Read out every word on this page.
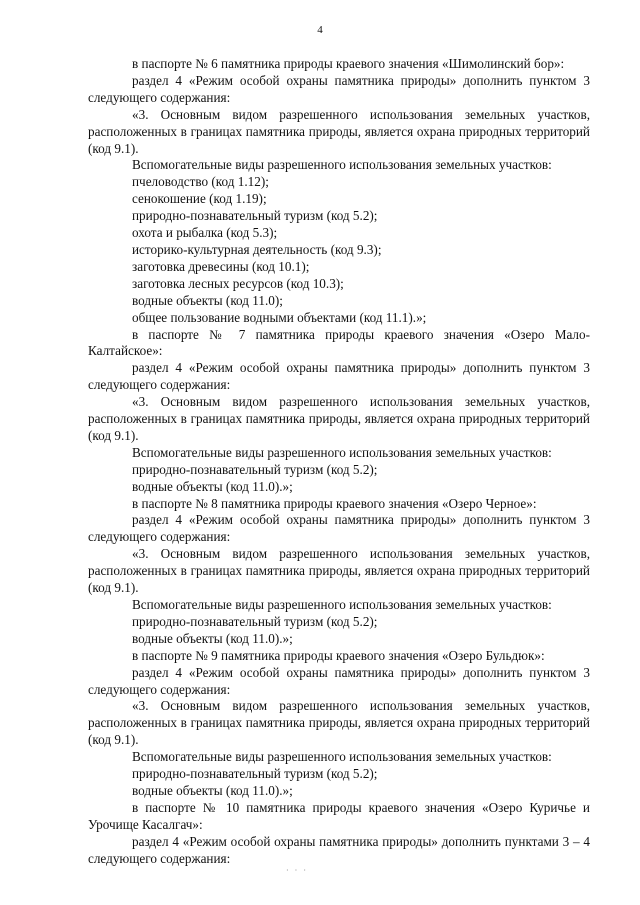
4

в паспорте № 6 памятника природы краевого значения «Шимолинский бор»:

раздел 4 «Режим особой охраны памятника природы» дополнить пунктом 3 следующего содержания:

«3. Основным видом разрешенного использования земельных участков, расположенных в границах памятника природы, является охрана природных территорий (код 9.1).

Вспомогательные виды разрешенного использования земельных участков:

пчеловодство (код 1.12);

сенокошение (код 1.19);

природно-познавательный туризм (код 5.2);

охота и рыбалка (код 5.3);

историко-культурная деятельность (код 9.3);

заготовка древесины (код 10.1);

заготовка лесных ресурсов (код 10.3);

водные объекты (код 11.0);

общее пользование водными объектами (код 11.1).»;

в паспорте № 7 памятника природы краевого значения «Озеро Мало-Калтайское»:

раздел 4 «Режим особой охраны памятника природы» дополнить пунктом 3 следующего содержания:

«3. Основным видом разрешенного использования земельных участков, расположенных в границах памятника природы, является охрана природных территорий (код 9.1).

Вспомогательные виды разрешенного использования земельных участков:

природно-познавательный туризм (код 5.2);

водные объекты (код 11.0).»;

в паспорте № 8 памятника природы краевого значения «Озеро Черное»:

раздел 4 «Режим особой охраны памятника природы» дополнить пунктом 3 следующего содержания:

«3. Основным видом разрешенного использования земельных участков, расположенных в границах памятника природы, является охрана природных территорий (код 9.1).

Вспомогательные виды разрешенного использования земельных участков:

природно-познавательный туризм (код 5.2);

водные объекты (код 11.0).»;

в паспорте № 9 памятника природы краевого значения «Озеро Бульдюк»:

раздел 4 «Режим особой охраны памятника природы» дополнить пунктом 3 следующего содержания:

«3. Основным видом разрешенного использования земельных участков, расположенных в границах памятника природы, является охрана природных территорий (код 9.1).

Вспомогательные виды разрешенного использования земельных участков:

природно-познавательный туризм (код 5.2);

водные объекты (код 11.0).»;

в паспорте № 10 памятника природы краевого значения «Озеро Куричье и Урочище Касалгач»:

раздел 4 «Режим особой охраны памятника природы» дополнить пунктами 3 – 4 следующего содержания:

· · ·
